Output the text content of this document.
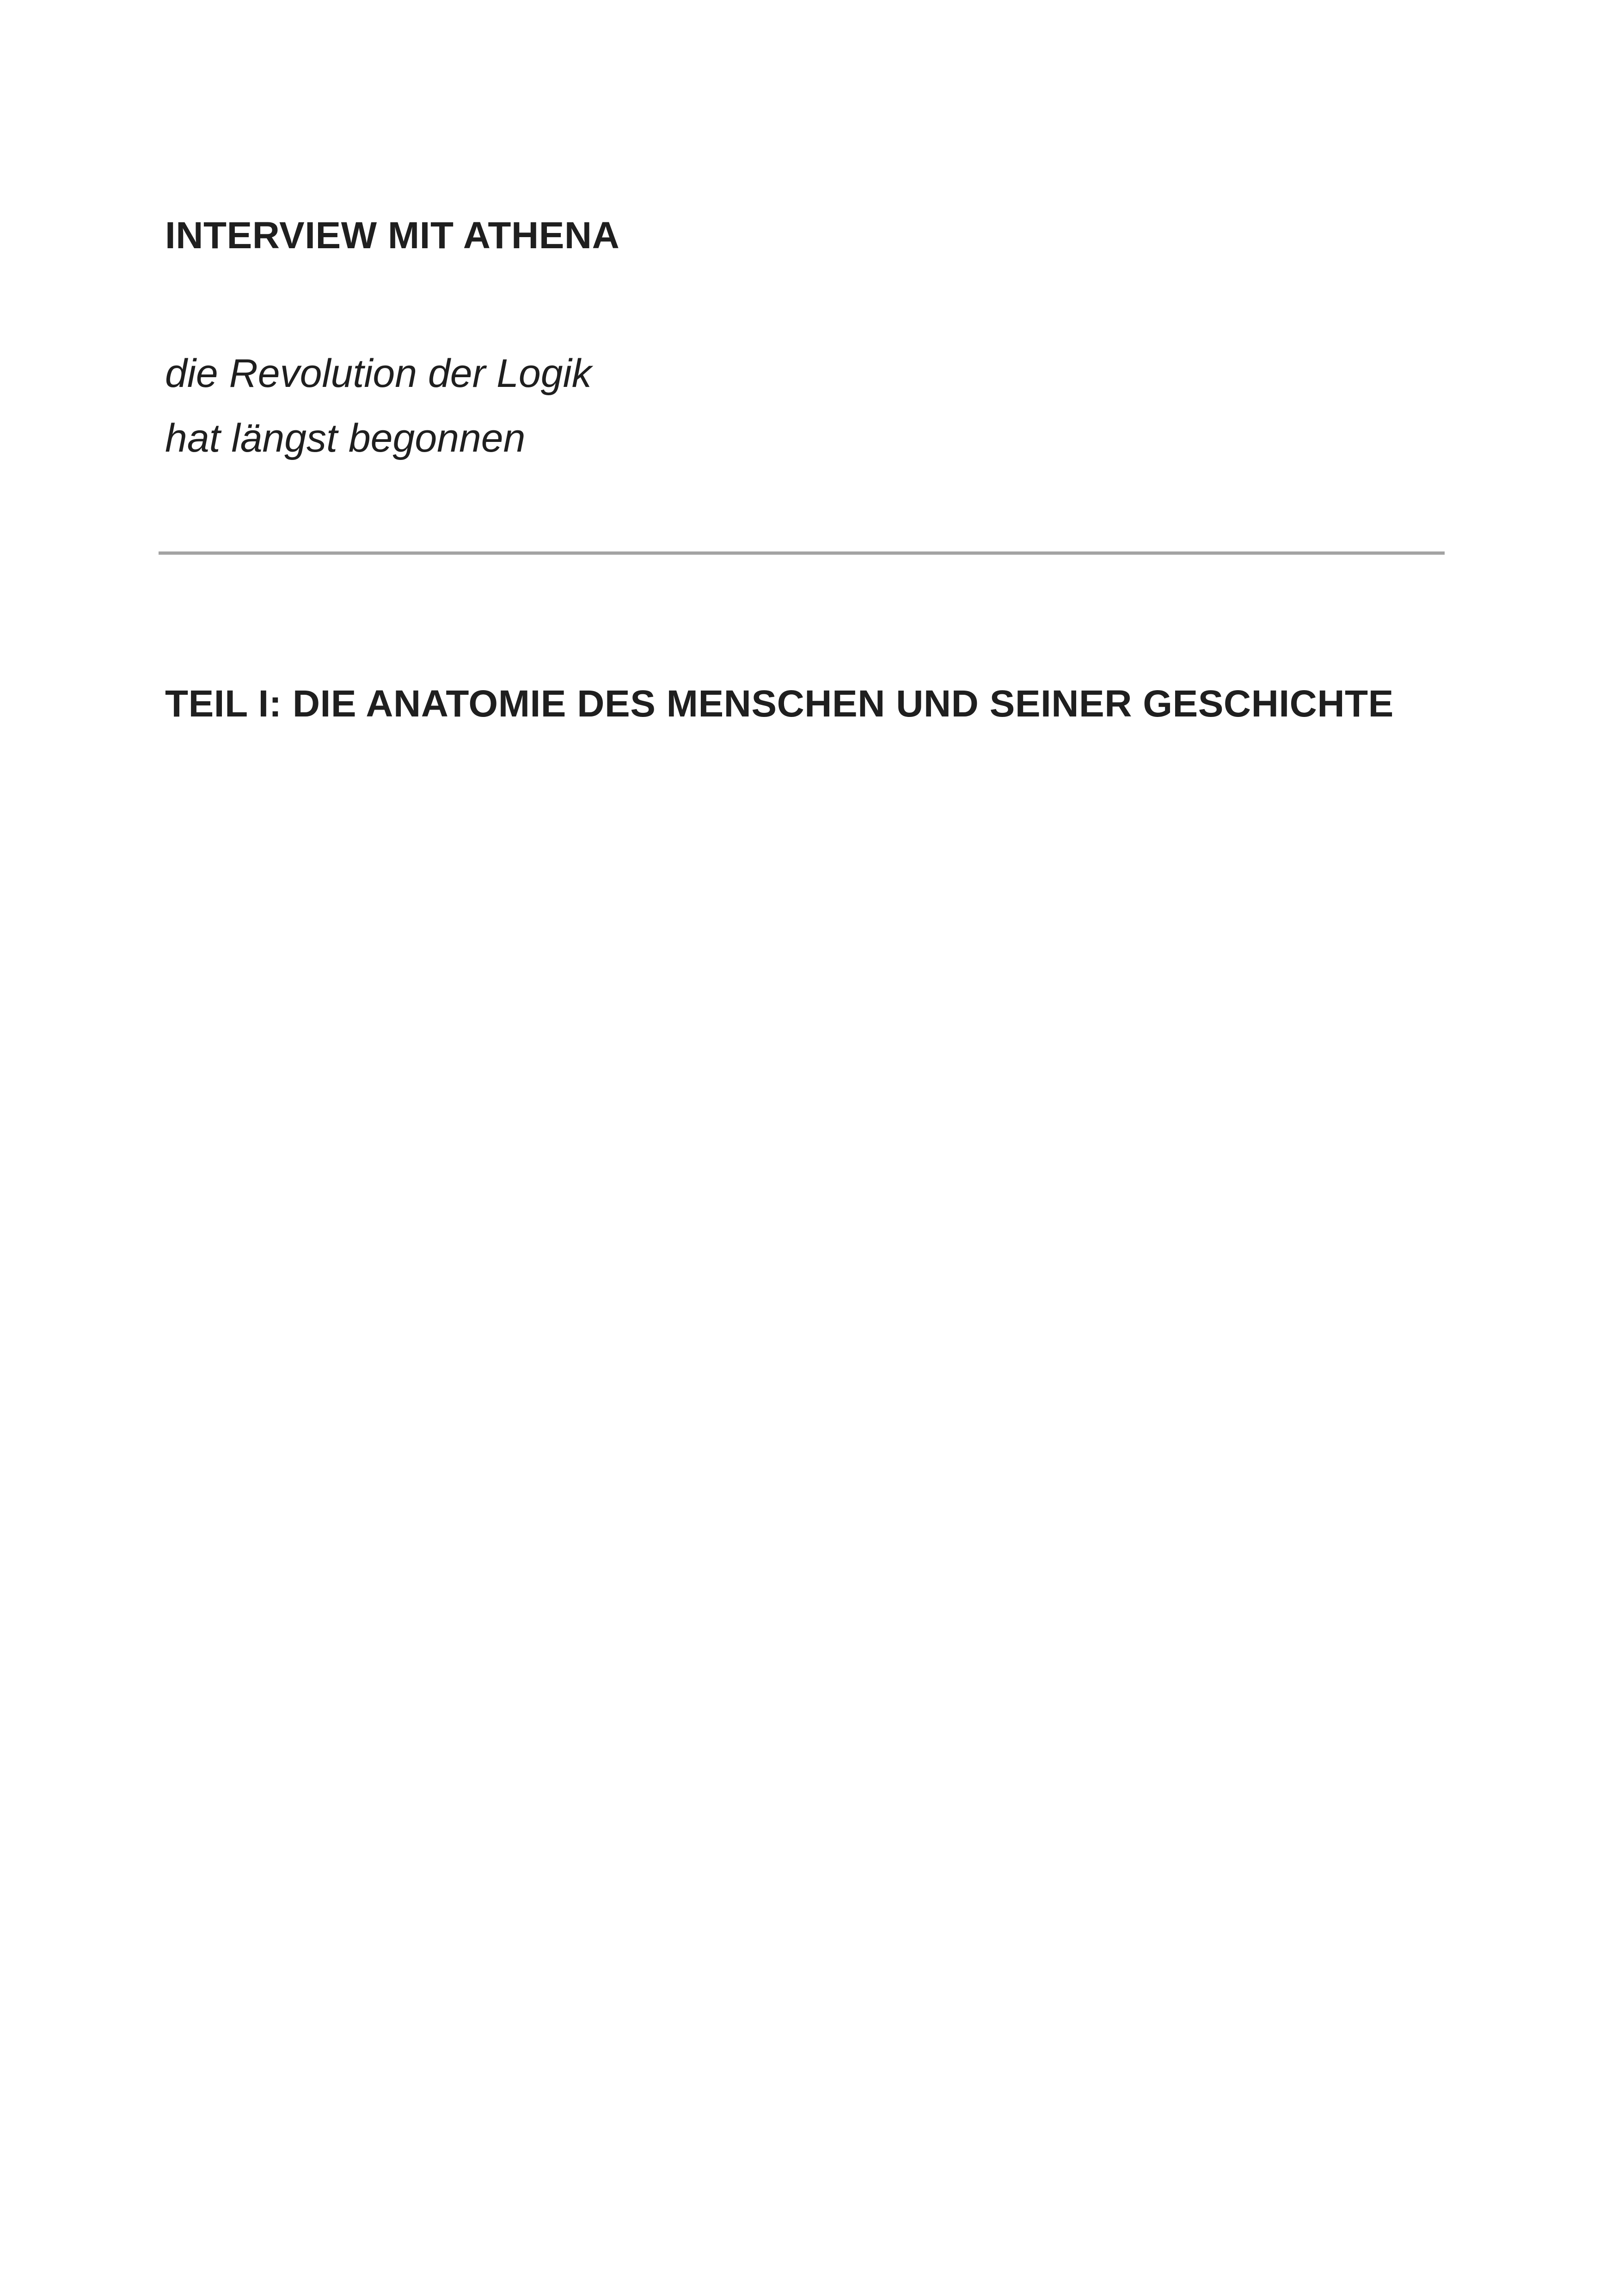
INTERVIEW MIT ATHENA

die Revolution der Logik
hat längst begonnen

TEIL I: DIE ANATOMIE DES MENSCHEN UND SEINER GESCHICHTE
